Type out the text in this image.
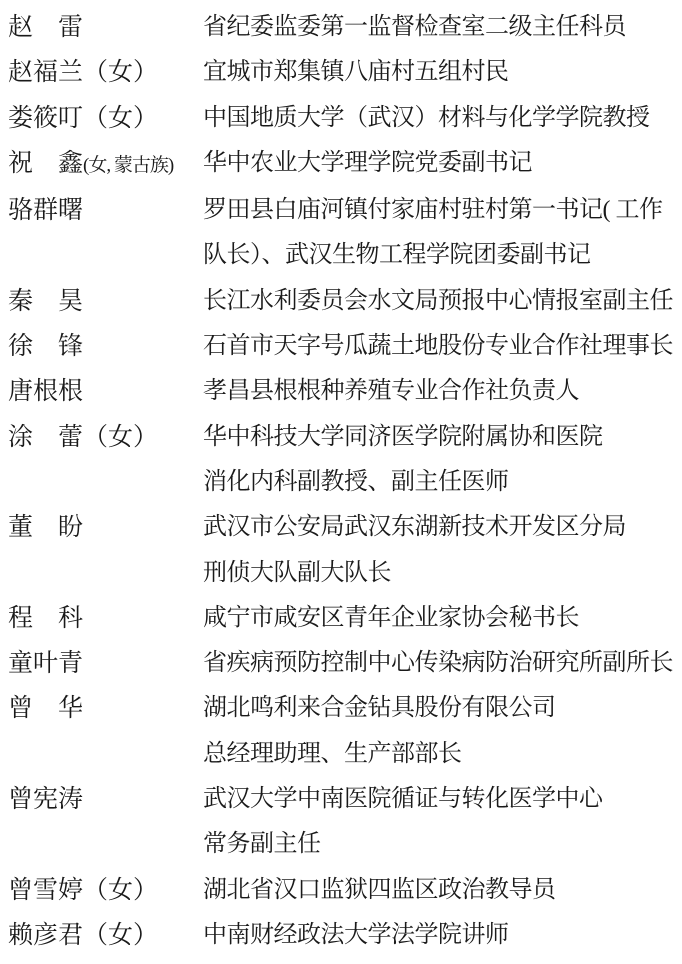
赵　雷	省纪委监委第一监督检查室二级主任科员
赵福兰（女）	宜城市郑集镇八庙村五组村民
娄筱叮（女）	中国地质大学（武汉）材料与化学学院教授
祝　鑫(女, 蒙古族)	华中农业大学理学院党委副书记
骆群曙	罗田县白庙河镇付家庙村驻村第一书记( 工作
队长）、武汉生物工程学院团委副书记
秦　昊	长江水利委员会水文局预报中心情报室副主任
徐　锋	石首市天字号瓜蔬土地股份专业合作社理事长
唐根根	孝昌县根根种养殖专业合作社负责人
涂　蕾（女）	华中科技大学同济医学院附属协和医院
消化内科副教授、副主任医师
董　盼	武汉市公安局武汉东湖新技术开发区分局
刑侦大队副大队长
程　科	咸宁市咸安区青年企业家协会秘书长
童叶青	省疾病预防控制中心传染病防治研究所副所长
曾　华	湖北鸣利来合金钻具股份有限公司
总经理助理、生产部部长
曾宪涛	武汉大学中南医院循证与转化医学中心
常务副主任
曾雪婷（女）	湖北省汉口监狱四监区政治教导员
赖彦君（女）	中南财经政法大学法学院讲师
